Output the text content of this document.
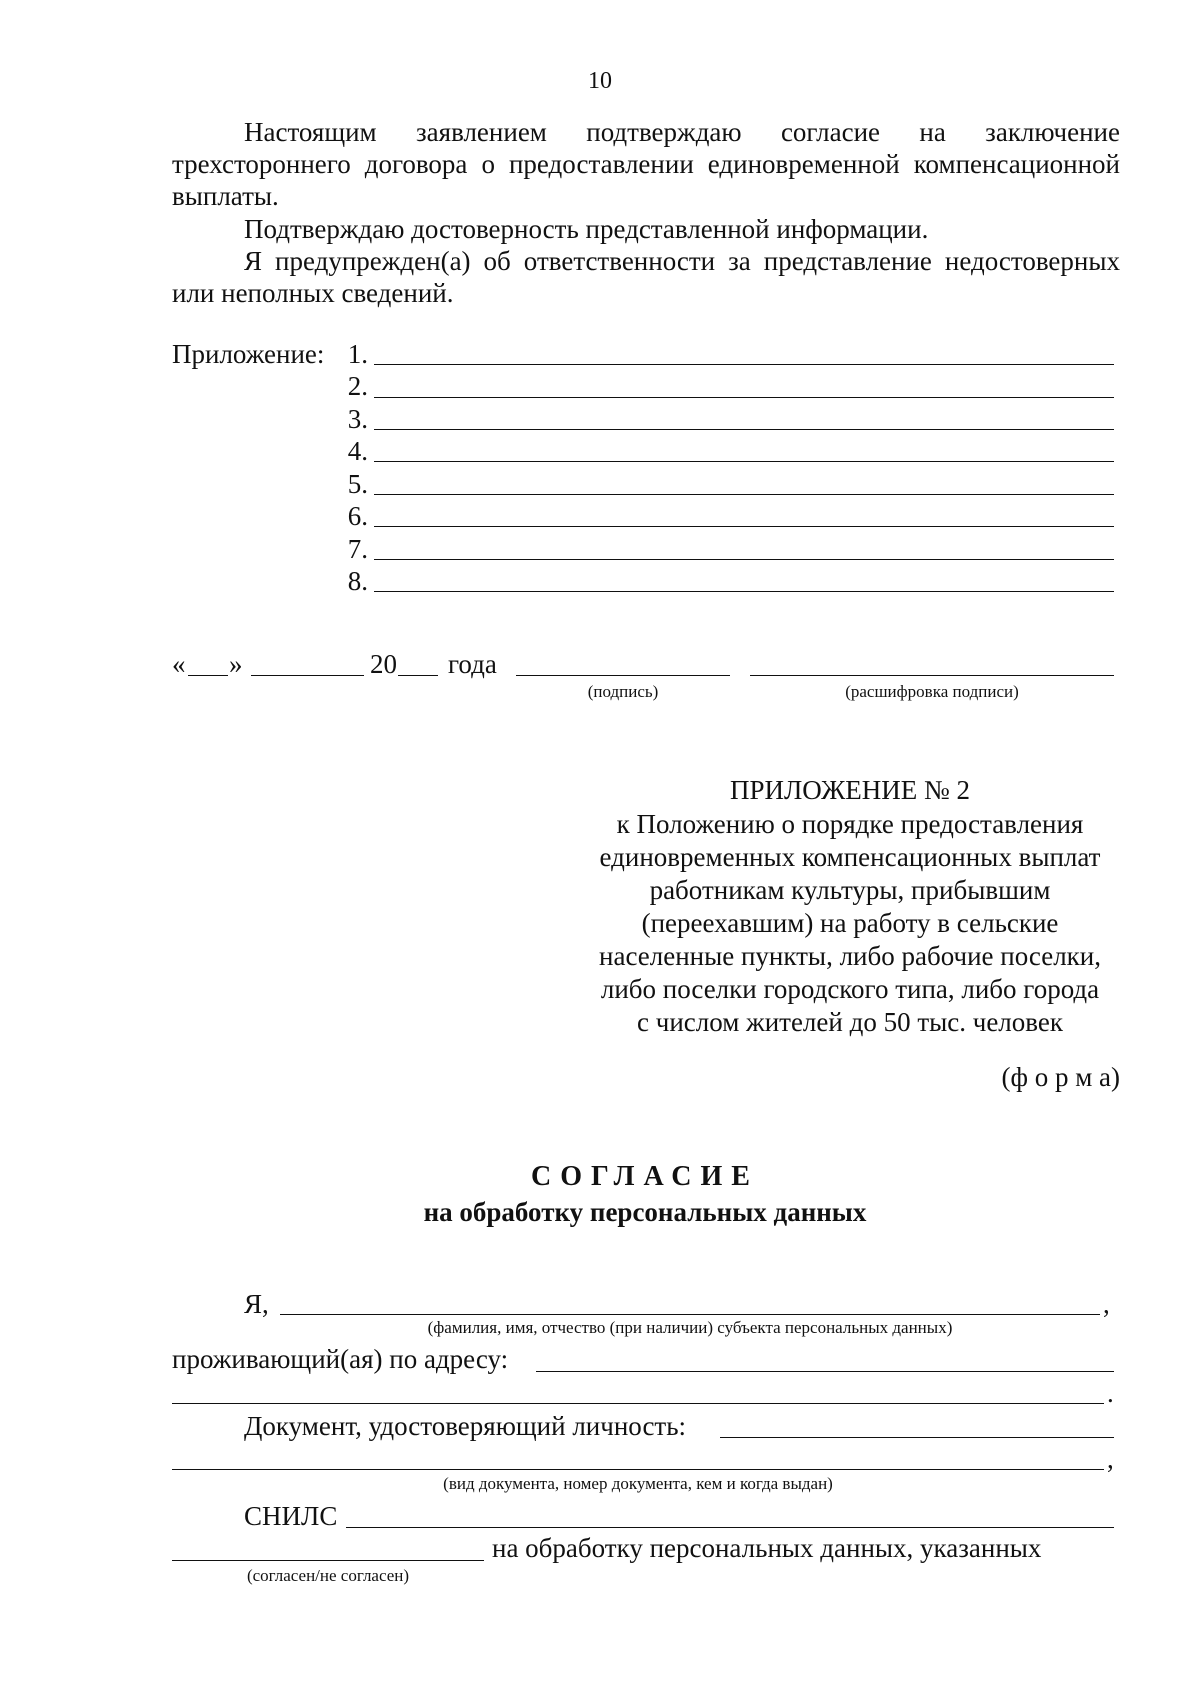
10
Настоящим заявлением подтверждаю согласие на заключение
трехстороннего договора о предоставлении единовременной компенсационной
выплаты.
Подтверждаю достоверность представленной информации.
Я предупрежден(а) об ответственности за представление недостоверных
или неполных сведений.
Приложение: 1.
2.
3.
4.
5.
6.
7.
8.
« »	20 года
(подпись)	(расшифровка подписи)
ПРИЛОЖЕНИЕ № 2
к Положению о порядке предоставления
единовременных компенсационных выплат
работникам культуры, прибывшим
(переехавшим) на работу в сельские
населенные пункты, либо рабочие поселки,
либо поселки городского типа, либо города
с числом жителей до 50 тыс. человек
(ф о р м а)
СОГЛАСИЕ
на обработку персональных данных
Я,	,
(фамилия, имя, отчество (при наличии) субъекта персональных данных)
проживающий(ая) по адресу:
.
Документ, удостоверяющий личность:
,
(вид документа, номер документа, кем и когда выдан)
СНИЛС
на обработку персональных данных, указанных
(согласен/не согласен)
